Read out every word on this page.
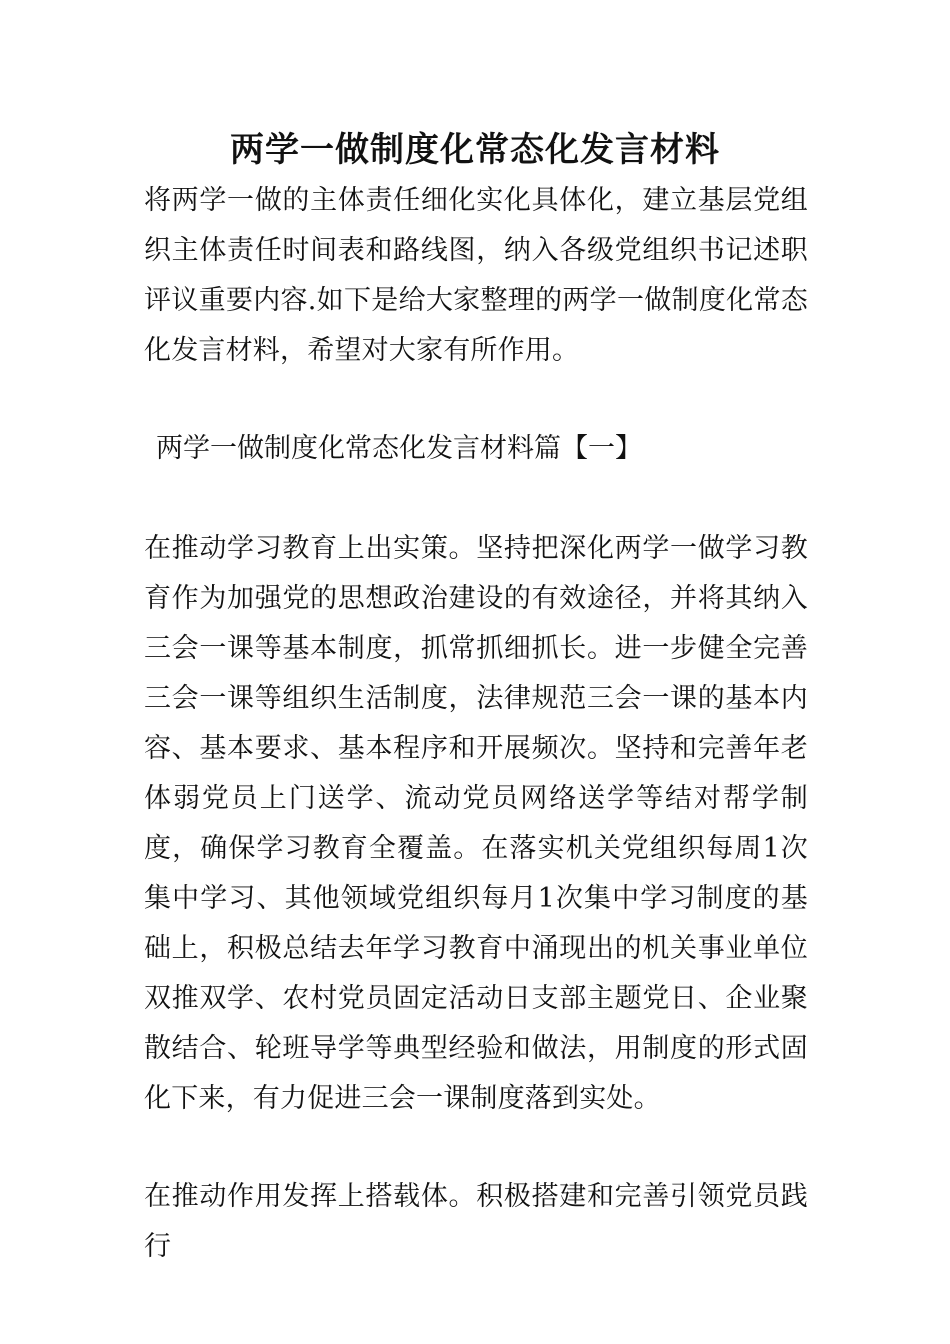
两学一做制度化常态化发言材料

将两学一做的主体责任细化实化具体化，建立基层党组织主体责任时间表和路线图，纳入各级党组织书记述职评议重要内容.如下是给大家整理的两学一做制度化常态化发言材料，希望对大家有所作用。

两学一做制度化常态化发言材料篇【一】

在推动学习教育上出实策。坚持把深化两学一做学习教育作为加强党的思想政治建设的有效途径，并将其纳入三会一课等基本制度，抓常抓细抓长。进一步健全完善三会一课等组织生活制度，法律规范三会一课的基本内容、基本要求、基本程序和开展频次。坚持和完善年老体弱党员上门送学、流动党员网络送学等结对帮学制度，确保学习教育全覆盖。在落实机关党组织每周1次集中学习、其他领域党组织每月1次集中学习制度的基础上，积极总结去年学习教育中涌现出的机关事业单位双推双学、农村党员固定活动日支部主题党日、企业聚散结合、轮班导学等典型经验和做法，用制度的形式固化下来，有力促进三会一课制度落到实处。

在推动作用发挥上搭载体。积极搭建和完善引领党员践行
